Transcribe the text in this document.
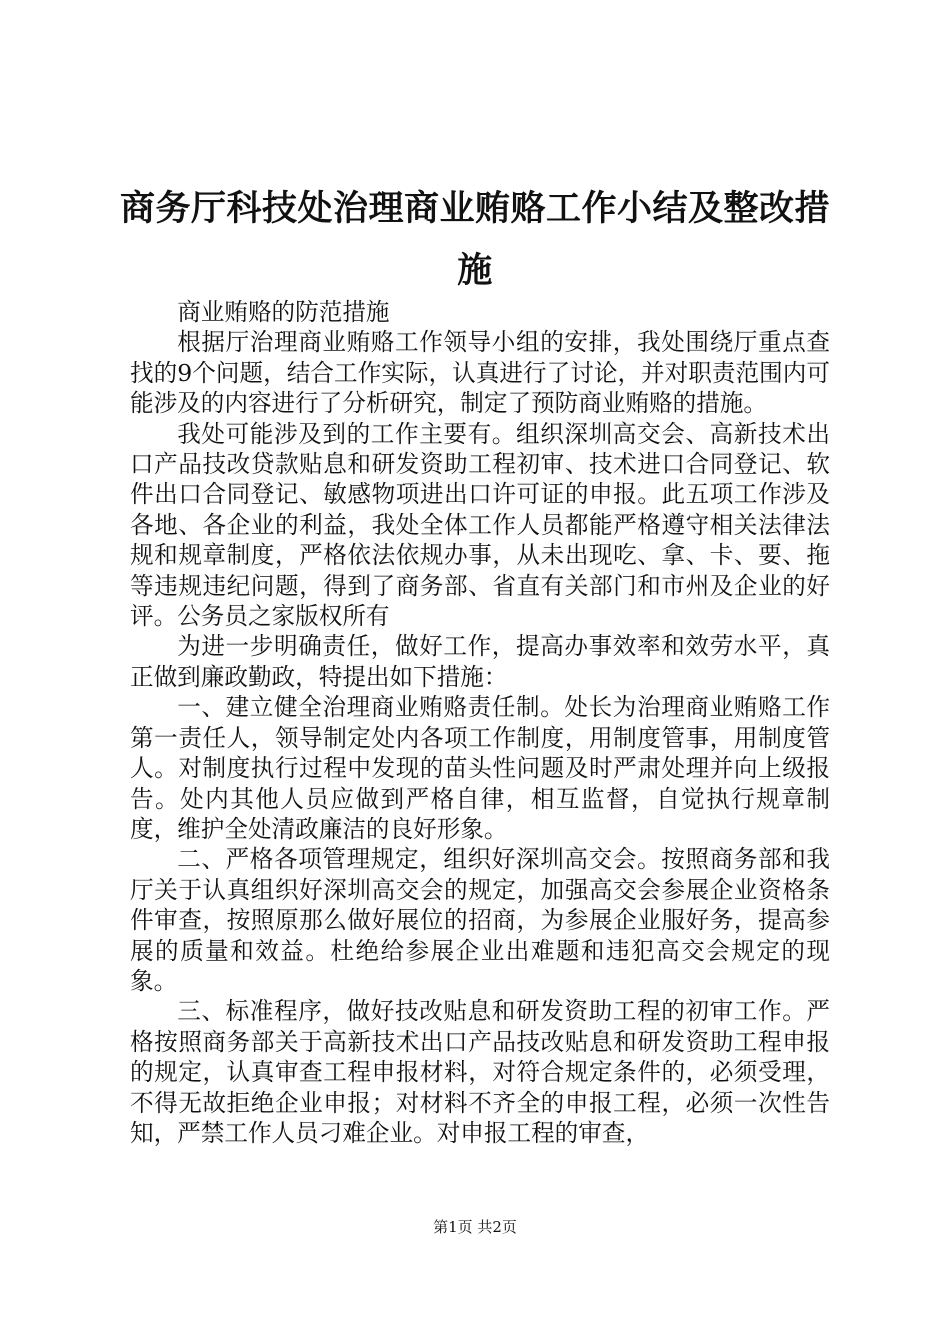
商务厅科技处治理商业贿赂工作小结及整改措施

商业贿赂的防范措施

根据厅治理商业贿赂工作领导小组的安排，我处围绕厅重点查找的9个问题，结合工作实际，认真进行了讨论，并对职责范围内可能涉及的内容进行了分析研究，制定了预防商业贿赂的措施。

我处可能涉及到的工作主要有。组织深圳高交会、高新技术出口产品技改贷款贴息和研发资助工程初审、技术进口合同登记、软件出口合同登记、敏感物项进出口许可证的申报。此五项工作涉及各地、各企业的利益，我处全体工作人员都能严格遵守相关法律法规和规章制度，严格依法依规办事，从未出现吃、拿、卡、要、拖等违规违纪问题，得到了商务部、省直有关部门和市州及企业的好评。公务员之家版权所有

为进一步明确责任，做好工作，提高办事效率和效劳水平，真正做到廉政勤政，特提出如下措施：

一、建立健全治理商业贿赂责任制。处长为治理商业贿赂工作第一责任人，领导制定处内各项工作制度，用制度管事，用制度管人。对制度执行过程中发现的苗头性问题及时严肃处理并向上级报告。处内其他人员应做到严格自律，相互监督，自觉执行规章制度，维护全处清政廉洁的良好形象。

二、严格各项管理规定，组织好深圳高交会。按照商务部和我厅关于认真组织好深圳高交会的规定，加强高交会参展企业资格条件审查，按照原那么做好展位的招商，为参展企业服好务，提高参展的质量和效益。杜绝给参展企业出难题和违犯高交会规定的现象。

三、标准程序，做好技改贴息和研发资助工程的初审工作。严格按照商务部关于高新技术出口产品技改贴息和研发资助工程申报的规定，认真审查工程申报材料，对符合规定条件的，必须受理，不得无故拒绝企业申报；对材料不齐全的申报工程，必须一次性告知，严禁工作人员刁难企业。对申报工程的审查，

第1页 共2页
